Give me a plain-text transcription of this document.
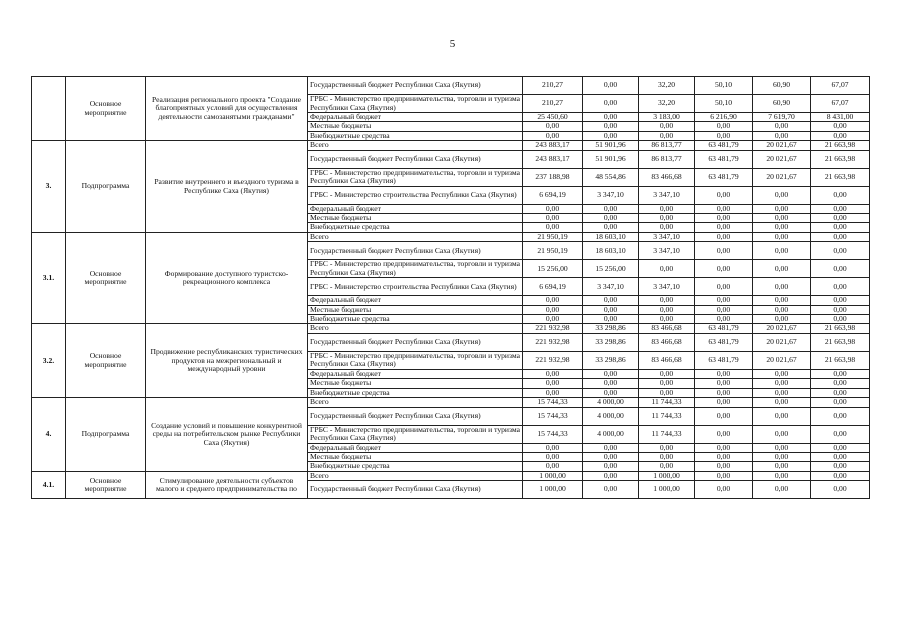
5
	Основное мероприятие	Реализация регионального проекта "Создание благоприятных условий для осуществления деятельности самозанятыми гражданами"	Государственный бюджет Республики Саха (Якутия)	210,27	0,00	32,20	50,10	60,90	67,07
			ГРБС - Министерство предпринимательства, торговли и туризма Республики Саха (Якутия)	210,27	0,00	32,20	50,10	60,90	67,07
			Федеральный бюджет	25 450,60	0,00	3 183,00	6 216,90	7 619,70	8 431,00
			Местные бюджеты	0,00	0,00	0,00	0,00	0,00	0,00
			Внебюджетные средства	0,00	0,00	0,00	0,00	0,00	0,00
3.	Подпрограмма	Развитие внутреннего и въездного туризма в Республике Саха (Якутия)	Всего	243 883,17	51 901,96	86 813,77	63 481,79	20 021,67	21 663,98
			Государственный бюджет Республики Саха (Якутия)	243 883,17	51 901,96	86 813,77	63 481,79	20 021,67	21 663,98
			ГРБС - Министерство предпринимательства, торговли и туризма Республики Саха (Якутия)	237 188,98	48 554,86	83 466,68	63 481,79	20 021,67	21 663,98
			ГРБС - Министерство строительства Республики Саха (Якутия)	6 694,19	3 347,10	3 347,10	0,00	0,00	0,00
			Федеральный бюджет	0,00	0,00	0,00	0,00	0,00	0,00
			Местные бюджеты	0,00	0,00	0,00	0,00	0,00	0,00
			Внебюджетные средства	0,00	0,00	0,00	0,00	0,00	0,00
3.1.	Основное мероприятие	Формирование доступного туристско-рекреационного комплекса	Всего	21 950,19	18 603,10	3 347,10	0,00	0,00	0,00
			Государственный бюджет Республики Саха (Якутия)	21 950,19	18 603,10	3 347,10	0,00	0,00	0,00
			ГРБС - Министерство предпринимательства, торговли и туризма Республики Саха (Якутия)	15 256,00	15 256,00	0,00	0,00	0,00	0,00
			ГРБС - Министерство строительства Республики Саха (Якутия)	6 694,19	3 347,10	3 347,10	0,00	0,00	0,00
			Федеральный бюджет	0,00	0,00	0,00	0,00	0,00	0,00
			Местные бюджеты	0,00	0,00	0,00	0,00	0,00	0,00
			Внебюджетные средства	0,00	0,00	0,00	0,00	0,00	0,00
3.2.	Основное мероприятие	Продвижение республиканских туристических продуктов на межрегиональный и международный уровни	Всего	221 932,98	33 298,86	83 466,68	63 481,79	20 021,67	21 663,98
			Государственный бюджет Республики Саха (Якутия)	221 932,98	33 298,86	83 466,68	63 481,79	20 021,67	21 663,98
			ГРБС - Министерство предпринимательства, торговли и туризма Республики Саха (Якутия)	221 932,98	33 298,86	83 466,68	63 481,79	20 021,67	21 663,98
			Федеральный бюджет	0,00	0,00	0,00	0,00	0,00	0,00
			Местные бюджеты	0,00	0,00	0,00	0,00	0,00	0,00
			Внебюджетные средства	0,00	0,00	0,00	0,00	0,00	0,00
4.	Подпрограмма	Создание условий и повышение конкурентной среды на потребительском рынке Республики Саха (Якутия)	Всего	15 744,33	4 000,00	11 744,33	0,00	0,00	0,00
			Государственный бюджет Республики Саха (Якутия)	15 744,33	4 000,00	11 744,33	0,00	0,00	0,00
			ГРБС - Министерство предпринимательства, торговли и туризма Республики Саха (Якутия)	15 744,33	4 000,00	11 744,33	0,00	0,00	0,00
			Федеральный бюджет	0,00	0,00	0,00	0,00	0,00	0,00
			Местные бюджеты	0,00	0,00	0,00	0,00	0,00	0,00
			Внебюджетные средства	0,00	0,00	0,00	0,00	0,00	0,00
4.1.	Основное мероприятие	Стимулирование деятельности субъектов малого и среднего предпринимательства по	Всего	1 000,00	0,00	1 000,00	0,00	0,00	0,00
			Государственный бюджет Республики Саха (Якутия)	1 000,00	0,00	1 000,00	0,00	0,00	0,00
